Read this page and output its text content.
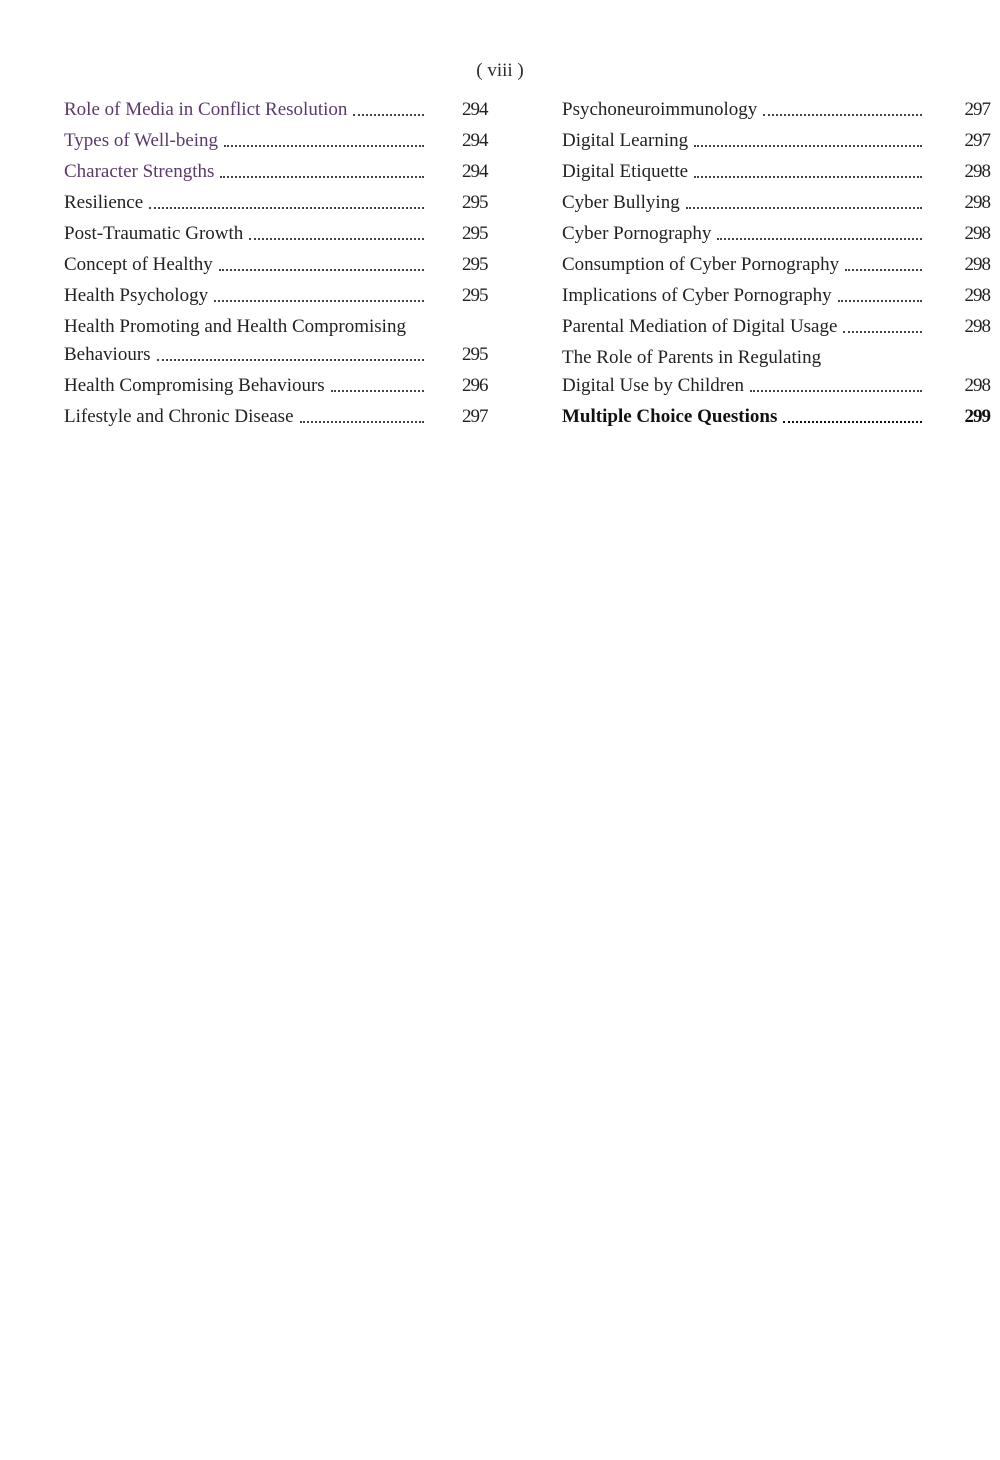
( viii )
Role of Media in Conflict Resolution	294
Types of Well-being	294
Character Strengths	294
Resilience	295
Post-Traumatic Growth	295
Concept of Healthy	295
Health Psychology	295
Health Promoting and Health Compromising
Behaviours	295
Health Compromising Behaviours	296
Lifestyle and Chronic Disease	297
Psychoneuroimmunology	297
Digital Learning	297
Digital Etiquette	298
Cyber Bullying	298
Cyber Pornography	298
Consumption of Cyber Pornography	298
Implications of Cyber Pornography	298
Parental Mediation of Digital Usage	298
The Role of Parents in Regulating
Digital Use by Children	298
Multiple Choice Questions	299
